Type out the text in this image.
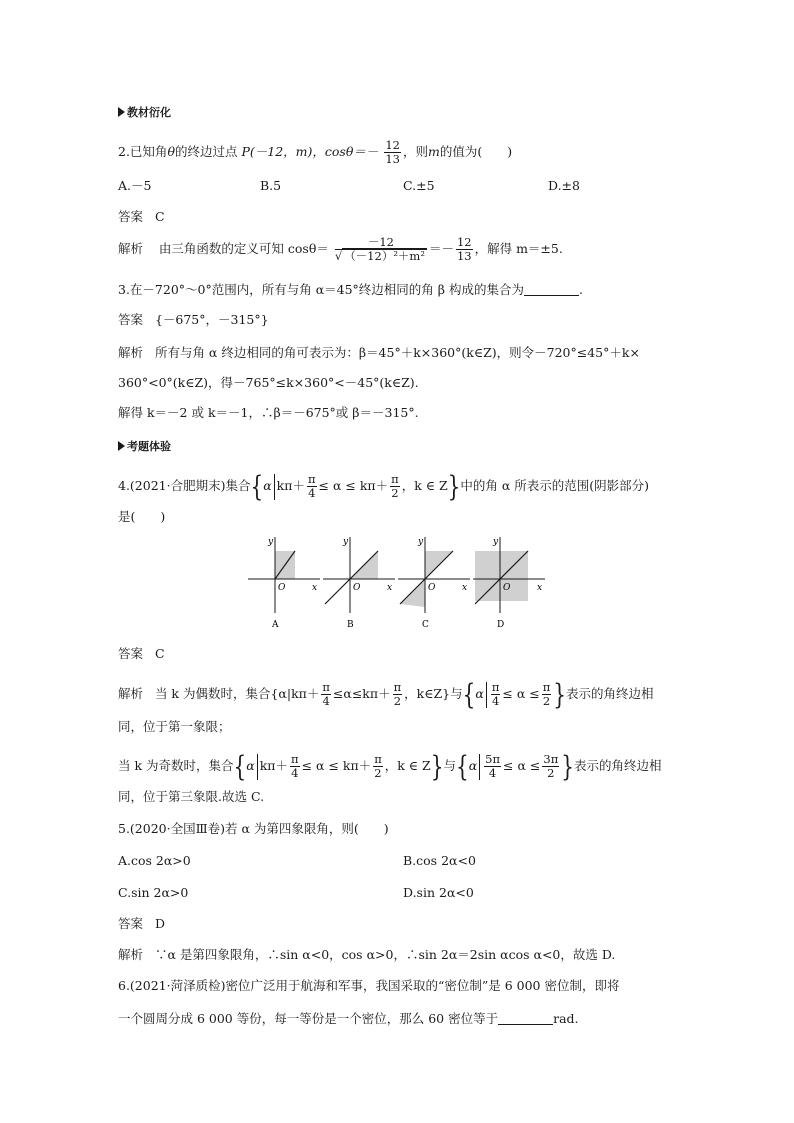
教材衍化
2.已知角θ的终边过点 P(－12，m)，$\cos\theta=- \frac{12}{13}$ ，则m的值为(　　)
A.－5	B.5	C.±5	D.±8
答案 C
解析 由三角函数的定义可知 $\cos\theta= \frac{-12}{\text{√ （－12）²＋m²}} =- \frac{12}{13}$ ，解得 m＝±5.
3.在－720°～0°范围内，所有与角 α＝45°终边相同的角 β 构成的集合为	.
答案 {－675°，－315°}
解析 所有与角 α 终边相同的角可表示为：β＝45°＋k×360°(k∈Z)，则令－720°≤45°＋k×
360°<0°(k∈Z)，得－765°≤k×360°<－45°(k∈Z).
解得 k＝－2 或 k＝－1，∴β＝－675°或 β＝－315°.
考题体验
4.(2021·合肥期末)集合{α $k\pi+ \frac{\pi}{4} \le \alpha \le k\pi+ \frac{\pi}{2}$ ，k ∈ Z}中的角 α 所表示的范围(阴影部分)
是(　　)
x
y
O
A
x
y
O
B
x
y
O
C
x
y
O
D
答案 C
解析 当 k 为偶数时，集合{$\alpha|k\pi+ \frac{\pi}{4} \le\alpha\le k\pi+ \frac{\pi}{2}$ ，k∈Z}与{$\alpha \frac{\pi}{4} \le \alpha \le \frac{\pi}{2}$ }表示的角终边相
同，位于第一象限；
当 k 为奇数时，集合{α $k\pi+ \frac{\pi}{4} \le \alpha \le k\pi+ \frac{\pi}{2}$ ，k ∈ Z}与{$\alpha \frac{5\pi}{4} \le \alpha \le \frac{3\pi}{2}$ }表示的角终边相
同，位于第三象限.故选 C.
5.(2020·全国Ⅲ卷)若 α 为第四象限角，则(　　)
A.cos 2α>0	B.cos 2α<0
C.sin 2α>0	D.sin 2α<0
答案 D
解析 ∵α 是第四象限角，∴sin α<0，cos α>0，∴sin 2α＝2sin αcos α<0，故选 D.
6.(2021·菏泽质检)密位广泛用于航海和军事，我国采取的“密位制”是 6 000 密位制，即将
一个圆周分成 6 000 等份，每一等份是一个密位，那么 60 密位等于	rad.
